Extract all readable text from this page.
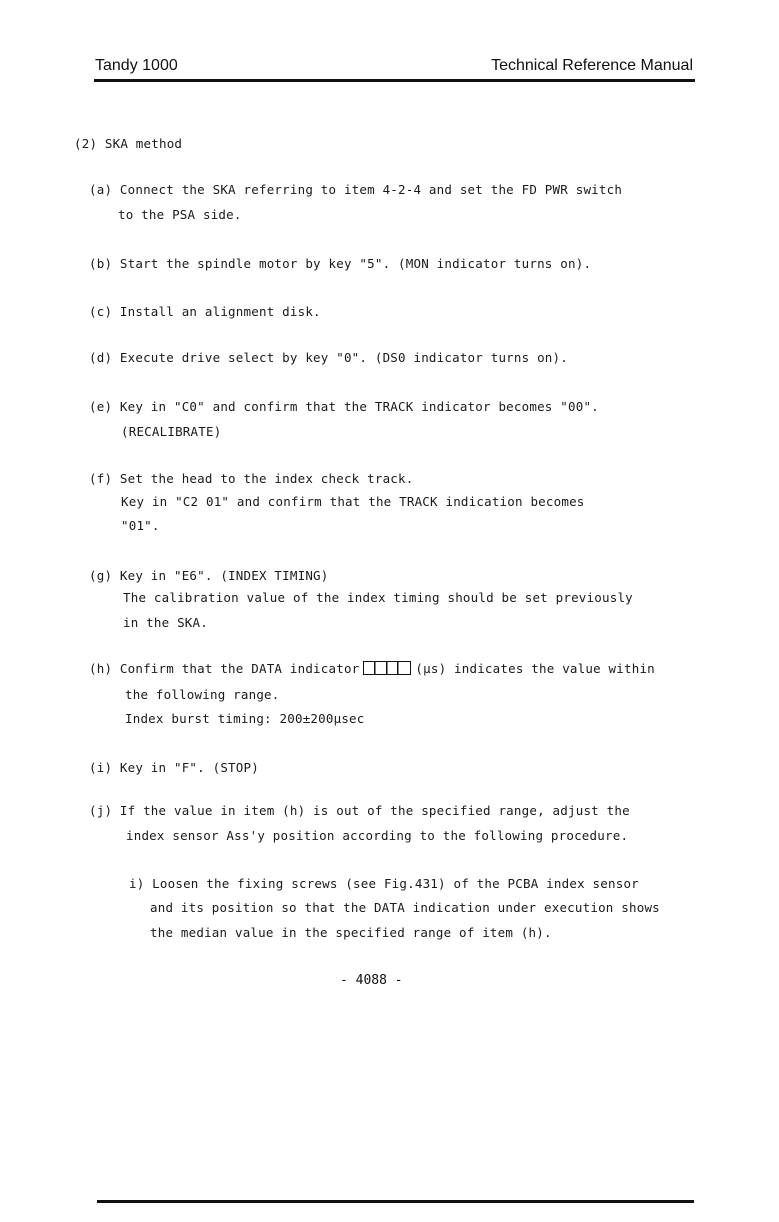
Tandy 1000	Technical Reference Manual
(2) SKA method
(a) Connect the SKA referring to item 4-2-4 and set the FD PWR switch
to the PSA side.
(b) Start the spindle motor by key "5". (MON indicator turns on).
(c) Install an alignment disk.
(d) Execute drive select by key "0". (DS0 indicator turns on).
(e) Key in "C0" and confirm that the TRACK indicator becomes "00".
(RECALIBRATE)
(f) Set the head to the index check track.
Key in "C2 01" and confirm that the TRACK indication becomes
"01".
(g) Key in "E6". (INDEX TIMING)
The calibration value of the index timing should be set previously
in the SKA.
(h) Confirm that the DATA indicator	(µs) indicates the value within
the following range.
Index burst timing: 200±200µsec
(i) Key in "F". (STOP)
(j) If the value in item (h) is out of the specified range, adjust the
index sensor Ass'y position according to the following procedure.
i) Loosen the fixing screws (see Fig.431) of the PCBA index sensor
and its position so that the DATA indication under execution shows
the median value in the specified range of item (h).
- 4088 -
